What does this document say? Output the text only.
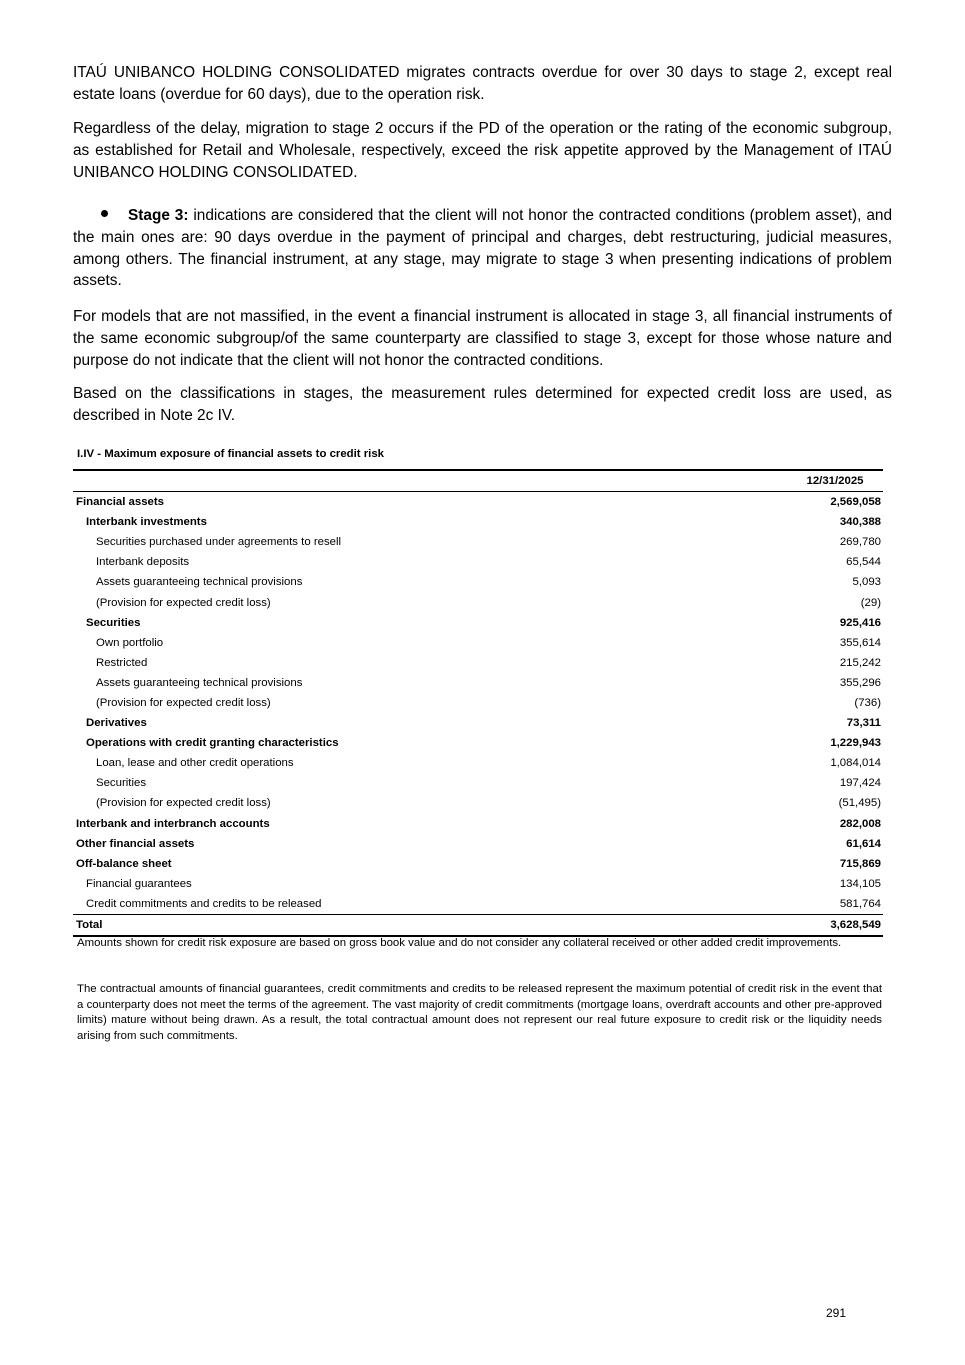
ITAÚ UNIBANCO HOLDING CONSOLIDATED migrates contracts overdue for over 30 days to stage 2, except real estate loans (overdue for 60 days), due to the operation risk.

Regardless of the delay, migration to stage 2 occurs if the PD of the operation or the rating of the economic subgroup, as established for Retail and Wholesale, respectively, exceed the risk appetite approved by the Management of ITAÚ UNIBANCO HOLDING CONSOLIDATED.

Stage 3: indications are considered that the client will not honor the contracted conditions (problem asset), and the main ones are: 90 days overdue in the payment of principal and charges, debt restructuring, judicial measures, among others. The financial instrument, at any stage, may migrate to stage 3 when presenting indications of problem assets.

For models that are not massified, in the event a financial instrument is allocated in stage 3, all financial instruments of the same economic subgroup/of the same counterparty are classified to stage 3, except for those whose nature and purpose do not indicate that the client will not honor the contracted conditions.

Based on the classifications in stages, the measurement rules determined for expected credit loss are used, as described in Note 2c IV.

I.IV - Maximum exposure of financial assets to credit risk

	12/31/2025
Financial assets	2,569,058
Interbank investments	340,388
Securities purchased under agreements to resell	269,780
Interbank deposits	65,544
Assets guaranteeing technical provisions	5,093
(Provision for expected credit loss)	(29)
Securities	925,416
Own portfolio	355,614
Restricted	215,242
Assets guaranteeing technical provisions	355,296
(Provision for expected credit loss)	(736)
Derivatives	73,311
Operations with credit granting characteristics	1,229,943
Loan, lease and other credit operations	1,084,014
Securities	197,424
(Provision for expected credit loss)	(51,495)
Interbank and interbranch accounts	282,008
Other financial assets	61,614
Off-balance sheet	715,869
Financial guarantees	134,105
Credit commitments and credits to be released	581,764
Total	3,628,549

Amounts shown for credit risk exposure are based on gross book value and do not consider any collateral received or other added credit improvements.

The contractual amounts of financial guarantees, credit commitments and credits to be released represent the maximum potential of credit risk in the event that a counterparty does not meet the terms of the agreement. The vast majority of credit commitments (mortgage loans, overdraft accounts and other pre-approved limits) mature without being drawn. As a result, the total contractual amount does not represent our real future exposure to credit risk or the liquidity needs arising from such commitments.

291
